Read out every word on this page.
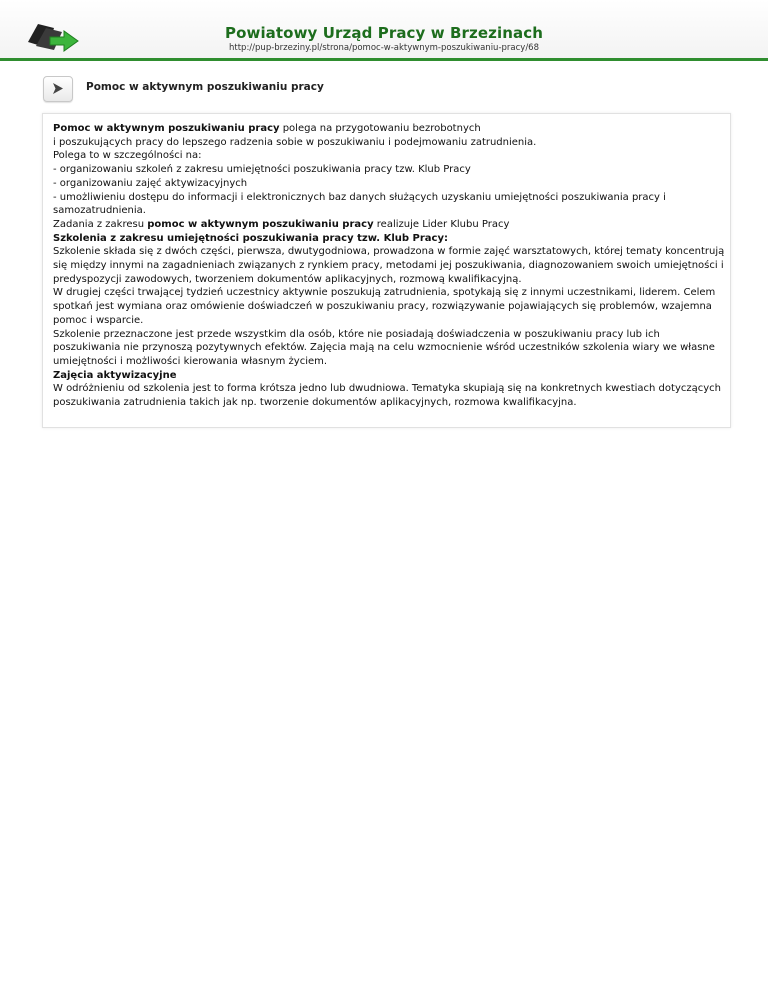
Powiatowy Urząd Pracy w Brzezinach
http://pup-brzeziny.pl/strona/pomoc-w-aktywnym-poszukiwaniu-pracy/68
Pomoc w aktywnym poszukiwaniu pracy

Pomoc w aktywnym poszukiwaniu pracy polega na przygotowaniu bezrobotnych

i poszukujących pracy do lepszego radzenia sobie w poszukiwaniu i podejmowaniu zatrudnienia.

Polega to w szczególności na:

- organizowaniu szkoleń z zakresu umiejętności poszukiwania pracy tzw. Klub Pracy

- organizowaniu zajęć aktywizacyjnych

- umożliwieniu dostępu do informacji i elektronicznych baz danych służących uzyskaniu umiejętności poszukiwania pracy i samozatrudnienia.

Zadania z zakresu pomoc w aktywnym poszukiwaniu pracy realizuje Lider Klubu Pracy

Szkolenia z zakresu umiejętności poszukiwania pracy tzw. Klub Pracy:

Szkolenie składa się z dwóch części, pierwsza, dwutygodniowa, prowadzona w formie zajęć warsztatowych, której tematy koncentrują się między innymi na zagadnieniach związanych z rynkiem pracy, metodami jej poszukiwania, diagnozowaniem swoich umiejętności i predyspozycji zawodowych, tworzeniem dokumentów aplikacyjnych, rozmową kwalifikacyjną.

W drugiej części trwającej tydzień uczestnicy aktywnie poszukują zatrudnienia, spotykają się z innymi uczestnikami, liderem. Celem spotkań jest wymiana oraz omówienie doświadczeń w poszukiwaniu pracy, rozwiązywanie pojawiających się problemów, wzajemna pomoc i wsparcie.

Szkolenie przeznaczone jest przede wszystkim dla osób, które nie posiadają doświadczenia w poszukiwaniu pracy lub ich poszukiwania nie przynoszą pozytywnych efektów. Zajęcia mają na celu wzmocnienie wśród uczestników szkolenia wiary we własne umiejętności i możliwości kierowania własnym życiem.

Zajęcia aktywizacyjne

W odróżnieniu od szkolenia jest to forma krótsza jedno lub dwudniowa. Tematyka skupiają się na konkretnych kwestiach dotyczących poszukiwania zatrudnienia takich jak np. tworzenie dokumentów aplikacyjnych, rozmowa kwalifikacyjna.
